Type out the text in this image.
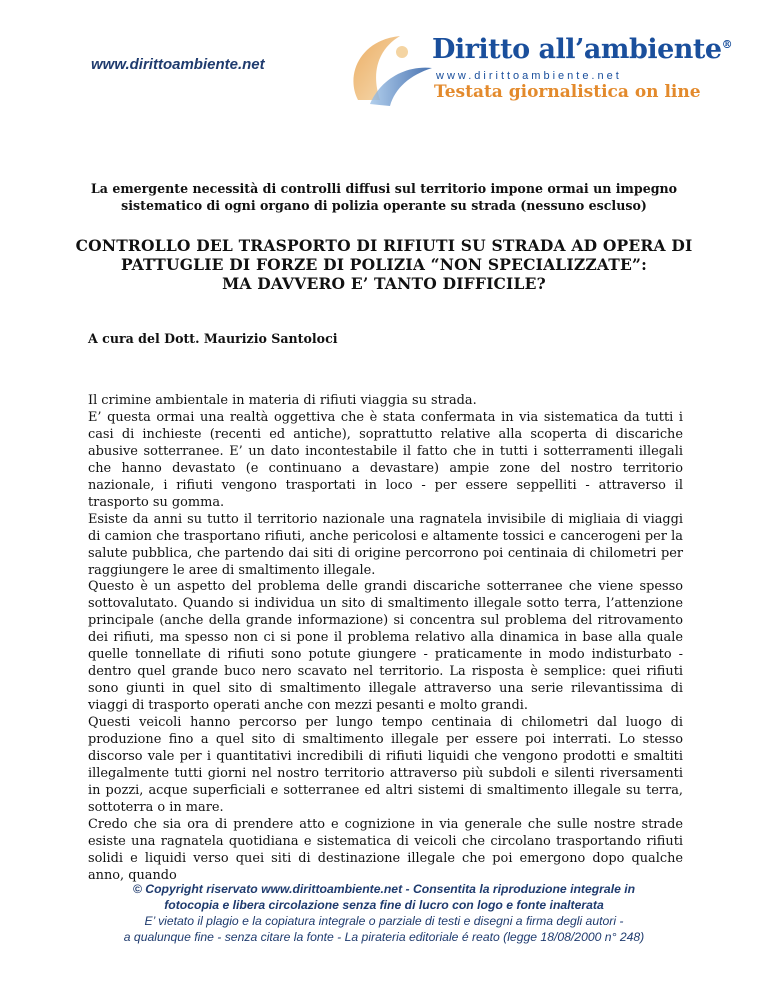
www.dirittoambiente.net	Diritto all’ambiente®
www.dirittoambiente.net
Testata giornalistica on line
La emergente necessità di controlli diffusi sul territorio impone ormai un impegno
sistematico di ogni organo di polizia operante su strada (nessuno escluso)
CONTROLLO DEL TRASPORTO DI RIFIUTI SU STRADA AD OPERA DI
PATTUGLIE DI FORZE DI POLIZIA “NON SPECIALIZZATE”:
MA DAVVERO E’ TANTO DIFFICILE?
A cura del Dott. Maurizio Santoloci

Il crimine ambientale in materia di rifiuti viaggia su strada.

E’ questa ormai una realtà oggettiva che è stata confermata in via sistematica da tutti i casi di inchieste (recenti ed antiche), soprattutto relative alla scoperta di discariche abusive sotterranee. E’ un dato incontestabile il fatto che in tutti i sotterramenti illegali che hanno devastato (e continuano a devastare) ampie zone del nostro territorio nazionale, i rifiuti vengono trasportati in loco - per essere seppelliti - attraverso il trasporto su gomma.

Esiste da anni su tutto il territorio nazionale una ragnatela invisibile di migliaia di viaggi di camion che trasportano rifiuti, anche pericolosi e altamente tossici e cancerogeni per la salute pubblica, che partendo dai siti di origine percorrono poi centinaia di chilometri per raggiungere le aree di smaltimento illegale.

Questo è un aspetto del problema delle grandi discariche sotterranee che viene spesso sottovalutato. Quando si individua un sito di smaltimento illegale sotto terra, l’attenzione principale (anche della grande informazione) si concentra sul problema del ritrovamento dei rifiuti, ma spesso non ci si pone il problema relativo alla dinamica in base alla quale quelle tonnellate di rifiuti sono potute giungere - praticamente in modo indisturbato - dentro quel grande buco nero scavato nel territorio. La risposta è semplice: quei rifiuti sono giunti in quel sito di smaltimento illegale attraverso una serie rilevantissima di viaggi di trasporto operati anche con mezzi pesanti e molto grandi.

Questi veicoli hanno percorso per lungo tempo centinaia di chilometri dal luogo di produzione fino a quel sito di smaltimento illegale per essere poi interrati. Lo stesso discorso vale per i quantitativi incredibili di rifiuti liquidi che vengono prodotti e smaltiti illegalmente tutti giorni nel nostro territorio attraverso più subdoli e silenti riversamenti in pozzi, acque superficiali e sotterranee ed altri sistemi di smaltimento illegale su terra, sottoterra o in mare.

Credo che sia ora di prendere atto e cognizione in via generale che sulle nostre strade esiste una ragnatela quotidiana e sistematica di veicoli che circolano trasportando rifiuti solidi e liquidi verso quei siti di destinazione illegale che poi emergono dopo qualche anno, quando

© Copyright riservato www.dirittoambiente.net - Consentita la riproduzione integrale in
fotocopia e libera circolazione senza fine di lucro con logo e fonte inalterata
E’ vietato il plagio e la copiatura integrale o parziale di testi e disegni a firma degli autori -
a qualunque fine - senza citare la fonte - La pirateria editoriale é reato (legge 18/08/2000 n° 248)
